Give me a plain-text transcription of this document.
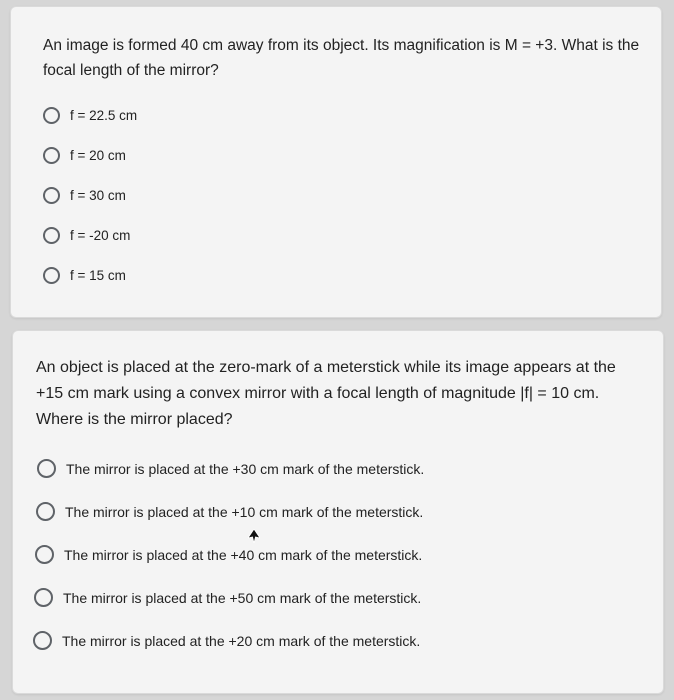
An image is formed 40 cm away from its object. Its magnification is M = +3. What is the focal length of the mirror?

f = 22.5 cm
f = 20 cm
f = 30 cm
f = -20 cm
f = 15 cm

An object is placed at the zero-mark of a meterstick while its image appears at the +15 cm mark using a convex mirror with a focal length of magnitude |f| = 10 cm. Where is the mirror placed?

The mirror is placed at the +30 cm mark of the meterstick.
The mirror is placed at the +10 cm mark of the meterstick.
The mirror is placed at the +40 cm mark of the meterstick.
The mirror is placed at the +50 cm mark of the meterstick.
The mirror is placed at the +20 cm mark of the meterstick.
